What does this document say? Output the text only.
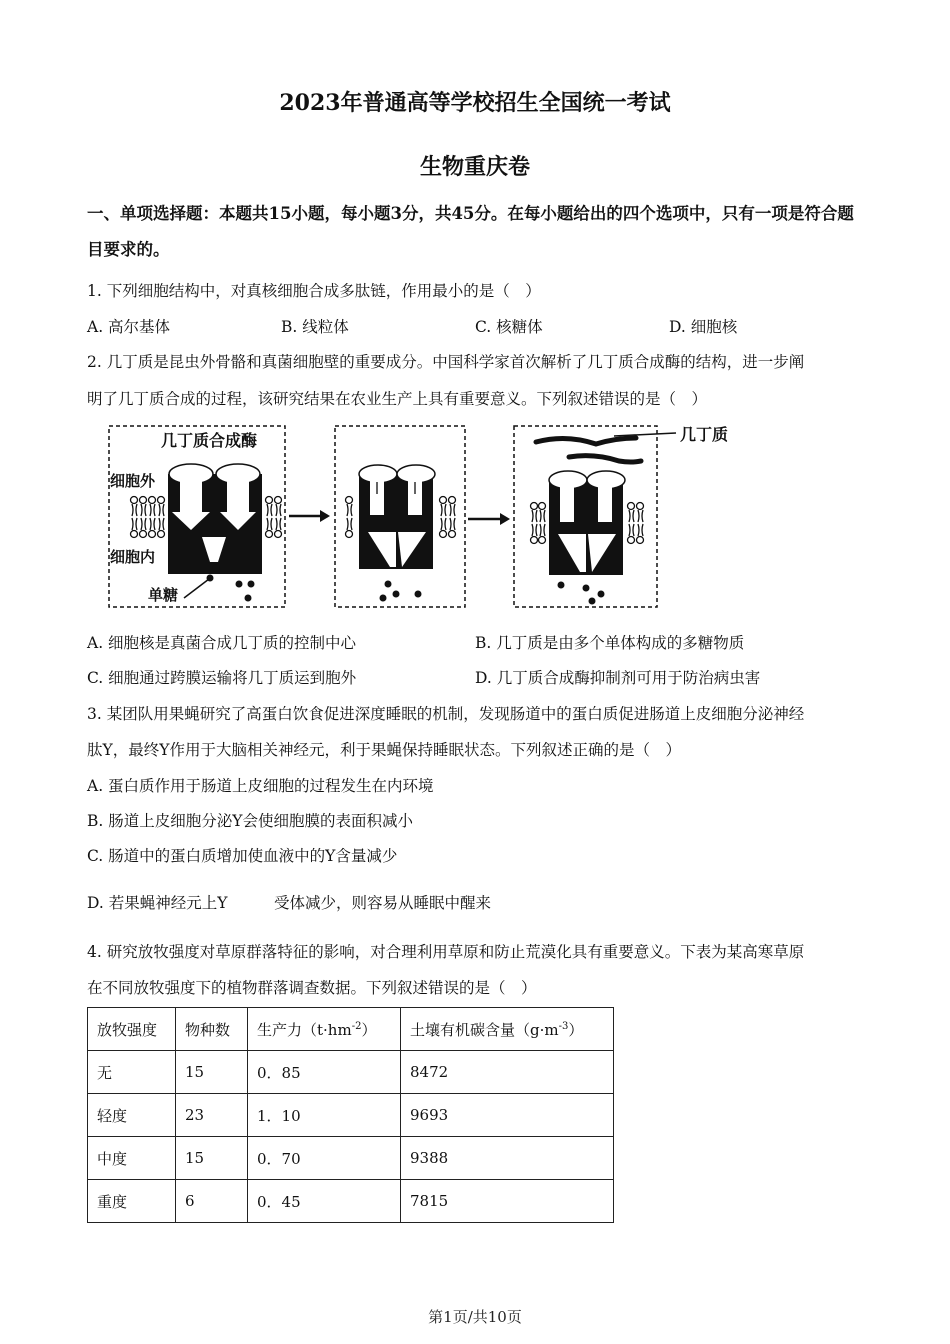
2023年普通高等学校招生全国统一考试
生物重庆卷
一、单项选择题：本题共15小题，每小题3分，共45分。在每小题给出的四个选项中，只有一项是符合题目要求的。
1. 下列细胞结构中，对真核细胞合成多肽链，作用最小的是（　）
A. 高尔基体	B. 线粒体	C. 核糖体	D. 细胞核
2. 几丁质是昆虫外骨骼和真菌细胞壁的重要成分。中国科学家首次解析了几丁质合成酶的结构，进一步阐
明了几丁质合成的过程，该研究结果在农业生产上具有重要意义。下列叙述错误的是（　）
几丁质合成酶
细胞外
细胞内
单糖
几丁质
A. 细胞核是真菌合成几丁质的控制中心	B. 几丁质是由多个单体构成的多糖物质
C. 细胞通过跨膜运输将几丁质运到胞外	D. 几丁质合成酶抑制剂可用于防治病虫害
3. 某团队用果蝇研究了高蛋白饮食促进深度睡眠的机制，发现肠道中的蛋白质促进肠道上皮细胞分泌神经
肽Y，最终Y作用于大脑相关神经元，利于果蝇保持睡眠状态。下列叙述正确的是（　）
A. 蛋白质作用于肠道上皮细胞的过程发生在内环境
B. 肠道上皮细胞分泌Y会使细胞膜的表面积减小
C. 肠道中的蛋白质增加使血液中的Y含量减少
D. 若果蝇神经元上Y　　　受体减少，则容易从睡眠中醒来
4. 研究放牧强度对草原群落特征的影响，对合理利用草原和防止荒漠化具有重要意义。下表为某高寒草原
在不同放牧强度下的植物群落调查数据。下列叙述错误的是（　）
放牧强度	物种数	生产力$(t\cdot hm^{-2})$	土壤有机碳含量$(g\cdot m^{-3})$
无	15	0．85	8472
轻度	23	1．10	9693
中度	15	0．70	9388
重度	6	0．45	7815
第1页/共10页
